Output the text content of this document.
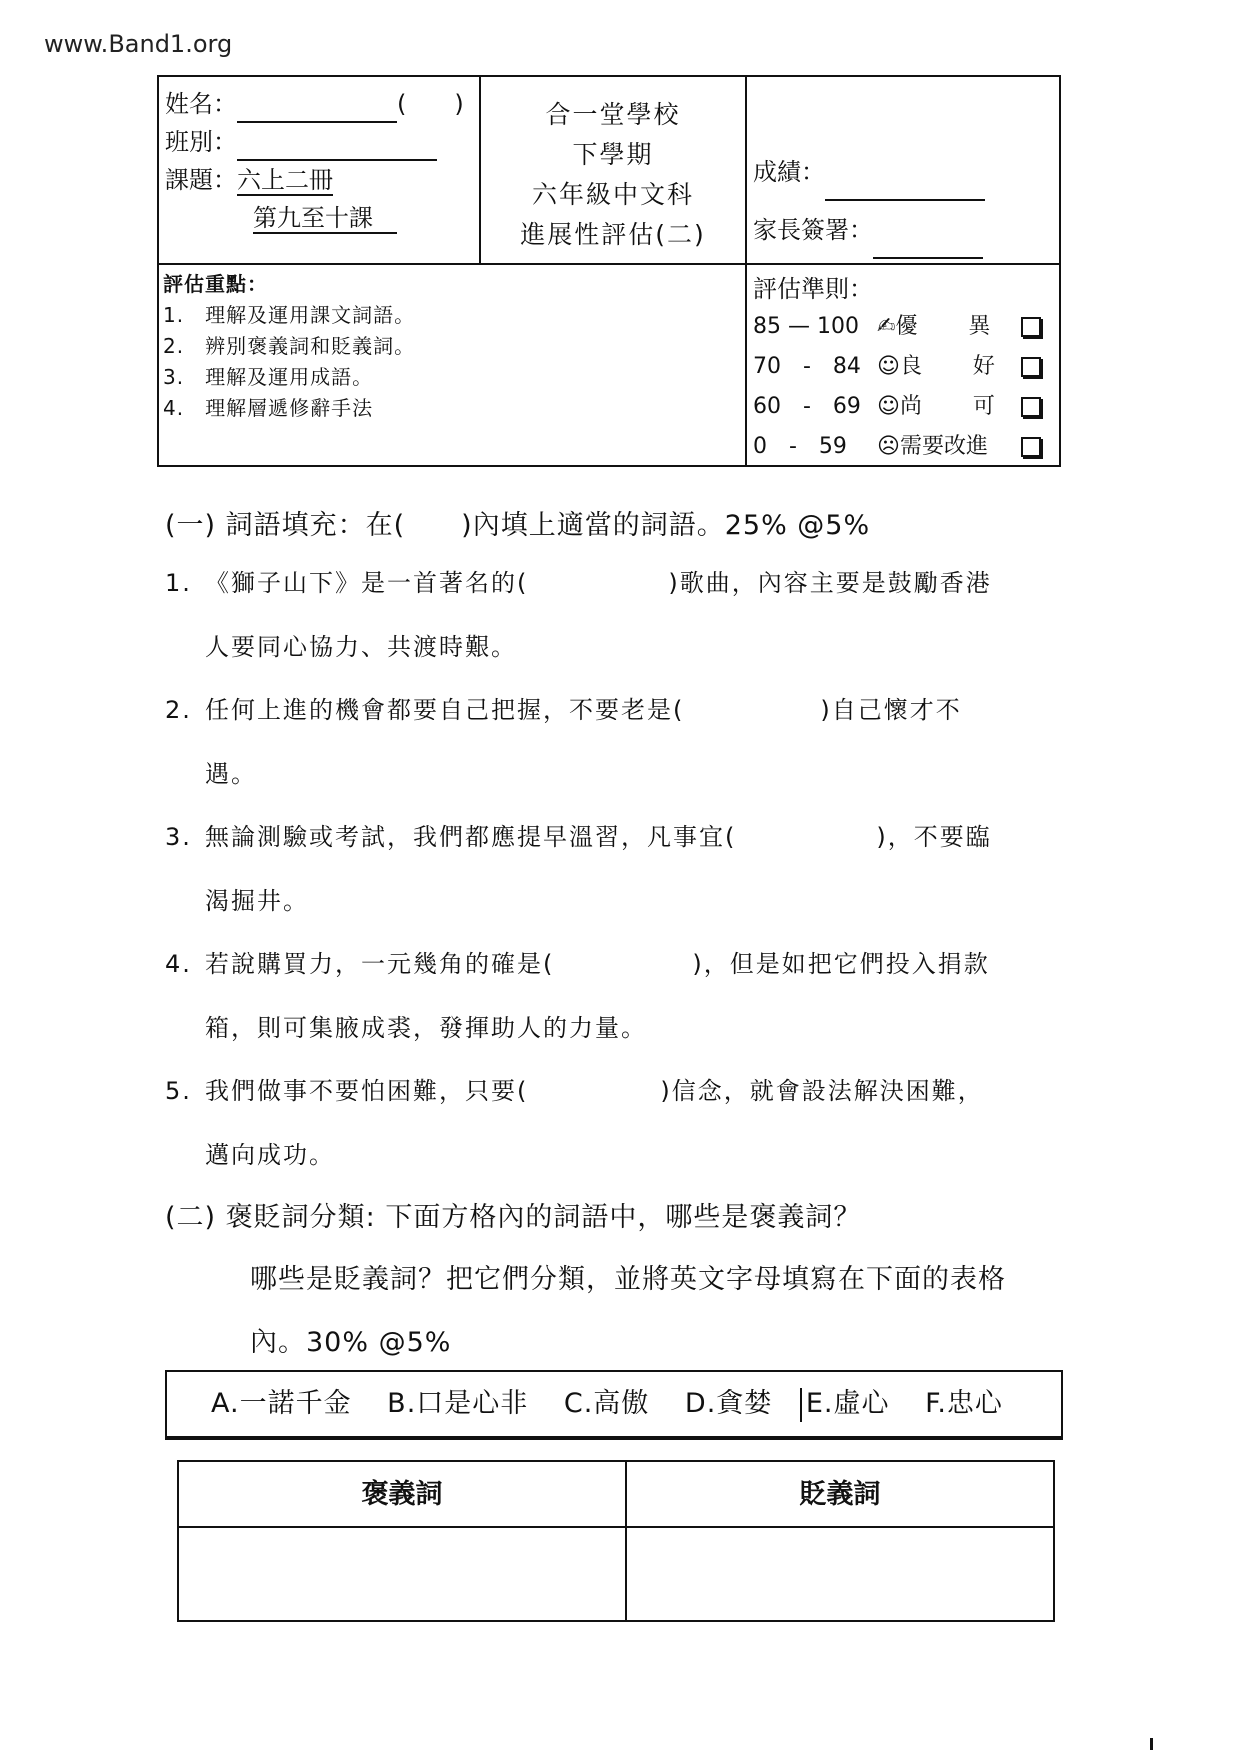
www.Band1.org
姓名：	(　　)
班別：
課題：六上二冊
第九至十課
合一堂學校
下學期
六年級中文科
進展性評估(二)
成績：
家長簽署：
評估重點：
1.　理解及運用課文詞語。
2.　辨別褒義詞和貶義詞。
3.　理解及運用成語。
4.　理解層遞修辭手法
評估準則：
85 — 100 ✍優　　 異
70　-　84 ☺良　　 好
60　-　69 ☺尚　　 可
0　-　59 ☹需要改進
(一) 詞語填充：在(　　)內填上適當的詞語。25% @5%
1. 《獅子山下》是一首著名的(	)歌曲，內容主要是鼓勵香港
人要同心協力、共渡時艱。
2. 任何上進的機會都要自己把握，不要老是(	)自己懷才不
遇。
3. 無論測驗或考試，我們都應提早溫習，凡事宜(	)，不要臨
渴掘井。
4. 若說購買力，一元幾角的確是(	)，但是如把它們投入捐款
箱，則可集腋成裘，發揮助人的力量。
5. 我們做事不要怕困難，只要(	)信念，就會設法解決困難，
邁向成功。
(二) 褒貶詞分類: 下面方格內的詞語中，哪些是褒義詞？
哪些是貶義詞？把它們分類，並將英文字母填寫在下面的表格
內。30% @5%
A.一諾千金 B.口是心非 C.高傲 D.貪婪 E.虛心 F.忠心
褒義詞	貶義詞
